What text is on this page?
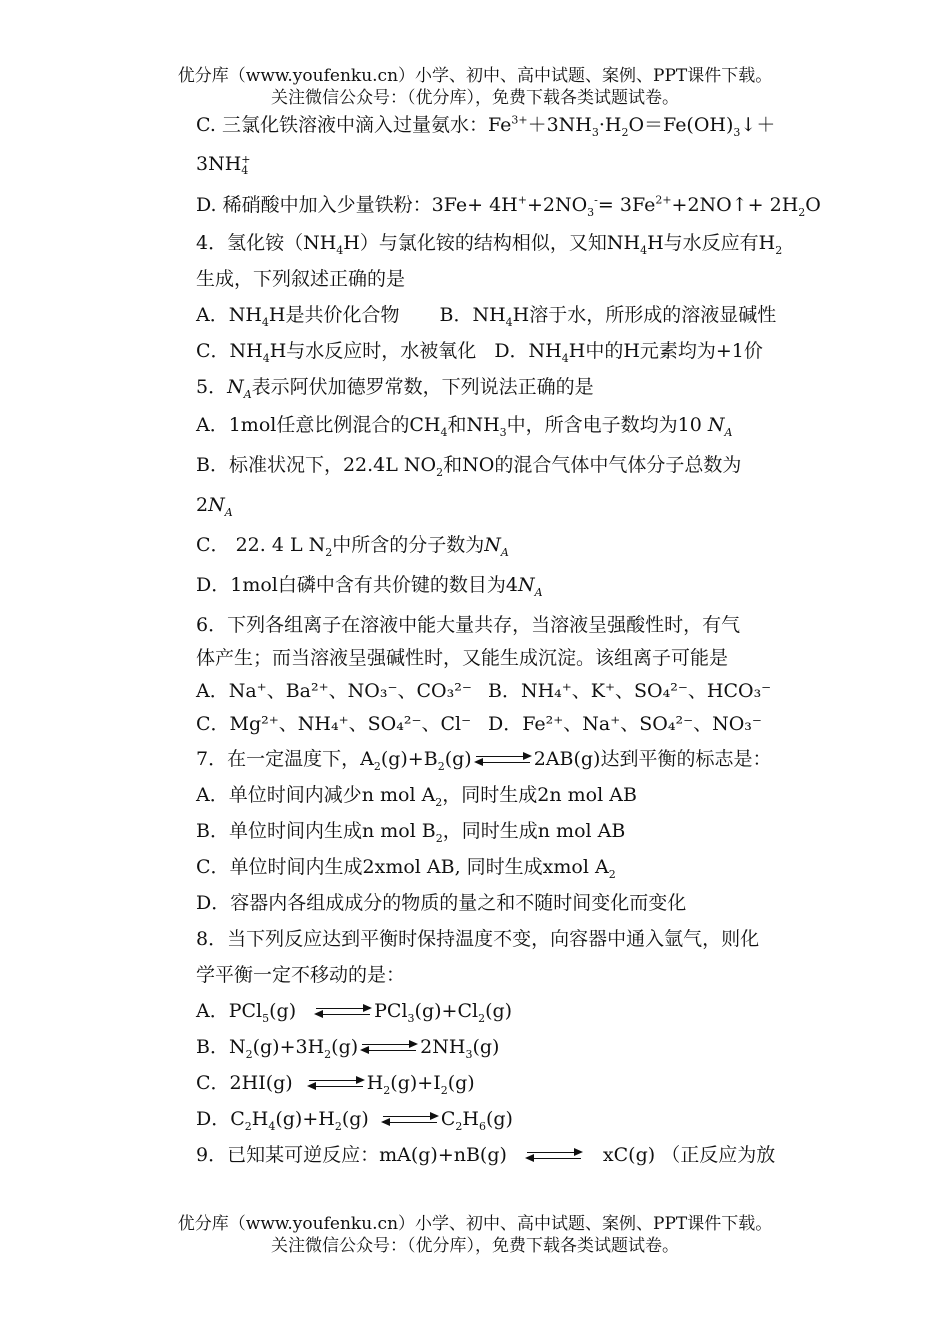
优分库（www.youfenku.cn）小学、初中、高中试题、案例、PPT课件下载。
关注微信公众号：（优分库），免费下载各类试题试卷。
C. 三氯化铁溶液中滴入过量氨水：$Fe^{3+}+3NH_3\cdot H_2O=Fe(OH)_3↓+$
3NH +
4
D. 稀硝酸中加入少量铁粉：$3Fe+ 4H^++2NO_3^-=$ $3Fe^{2+}+2NO↑+ 2H_2O$
4．氢化铵$(NH_4H)$与氯化铵的结构相似，又知$NH_4H$与水反应有$H_2$
生成，下列叙述正确的是
A．$NH_4H$是共价化合物 B．$NH_4H$溶于水，所形成的溶液显碱性
C．$NH_4H$与水反应时，水被氧化 D．$NH_4H$中的H元素均为+1价
5．$N_A$表示阿伏加德罗常数，下列说法正确的是
A．1mol任意比例混合的$CH_4$和$NH_3$中，所含电子数均为10 $N_A$
B．标准状况下，22.4L $NO_2$和NO的混合气体中气体分子总数为
$2N_A$
C． 22. 4 L $N_2$中所含的分子数为$N_A$
D．1mol白磷中含有共价键的数目为$4N_A$
6．下列各组离子在溶液中能大量共存，当溶液呈强酸性时，有气
体产生；而当溶液呈强碱性时，又能生成沉淀。该组离子可能是
A．Na⁺、Ba²⁺、NO₃⁻、CO₃²⁻ B．NH₄⁺、K⁺、SO₄²⁻、HCO₃⁻
C．Mg²⁺、NH₄⁺、SO₄²⁻、Cl⁻ D．Fe²⁺、Na⁺、SO₄²⁻、NO₃⁻
7．在一定温度下，$A_2(g)+B_2(g)$	2AB(g)达到平衡的标志是：
A．单位时间内减少n mol $A_2$，同时生成2n mol AB
B．单位时间内生成n mol $B_2$，同时生成n mol AB
C．单位时间内生成2xmol AB, 同时生成xmol $A_2$
D．容器内各组成成分的物质的量之和不随时间变化而变化
8．当下列反应达到平衡时保持温度不变，向容器中通入氩气，则化
学平衡一定不移动的是：
A．PCl$_5$(g)	$PCl_3(g)+Cl_2(g)$
B．$N_2(g)+3H_2(g)$	$2NH_3(g)$
C．2HI(g)	$H_2(g)+I_2(g)$
D．$C_2H_4(g)+H_2(g)$	$C_2H_6(g)$
9．已知某可逆反应：mA(g)+nB(g)	xC(g) （正反应为放
优分库（www.youfenku.cn）小学、初中、高中试题、案例、PPT课件下载。
关注微信公众号：（优分库），免费下载各类试题试卷。
